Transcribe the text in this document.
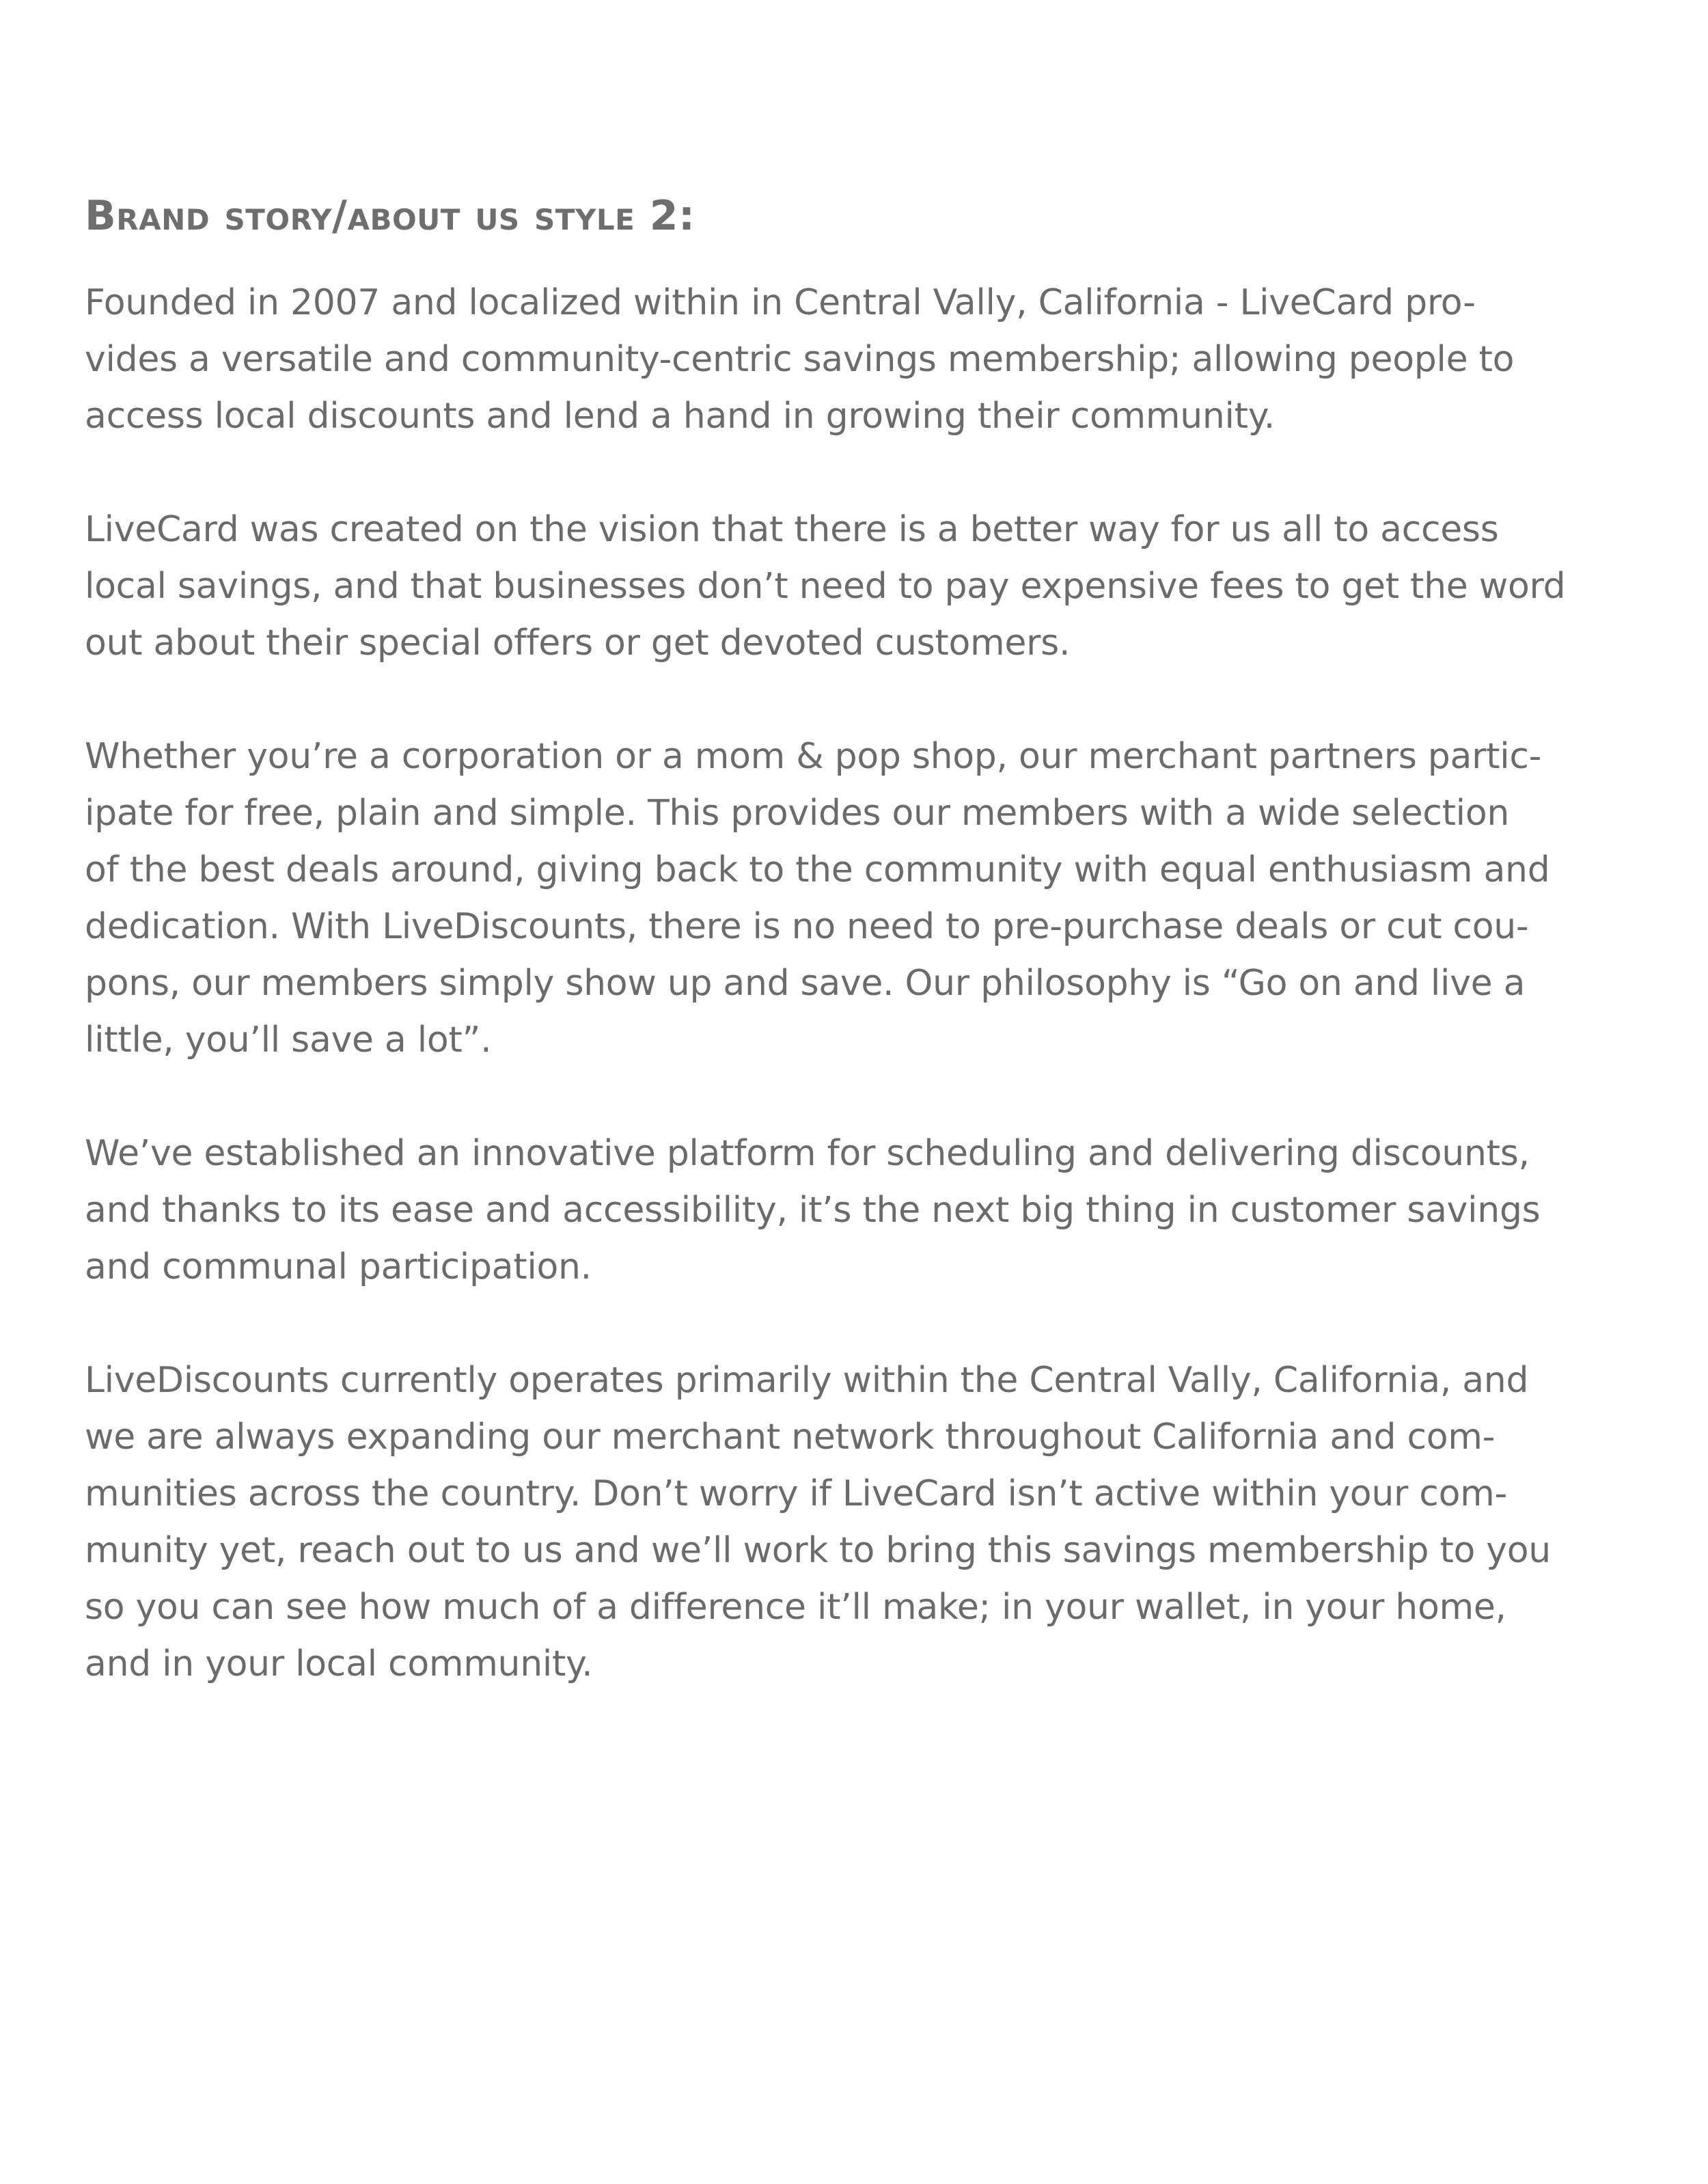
Brand story/about us style 2:
Founded in 2007 and localized within in Central Vally, California - LiveCard pro-
vides a versatile and community-centric savings membership; allowing people to
access local discounts and lend a hand in growing their community.
LiveCard was created on the vision that there is a better way for us all to access
local savings, and that businesses don’t need to pay expensive fees to get the word
out about their special offers or get devoted customers.
Whether you’re a corporation or a mom & pop shop, our merchant partners partic-
ipate for free, plain and simple. This provides our members with a wide selection
of the best deals around, giving back to the community with equal enthusiasm and
dedication. With LiveDiscounts, there is no need to pre-purchase deals or cut cou-
pons, our members simply show up and save. Our philosophy is “Go on and live a
little, you’ll save a lot”.
We’ve established an innovative platform for scheduling and delivering discounts,
and thanks to its ease and accessibility, it’s the next big thing in customer savings
and communal participation.
LiveDiscounts currently operates primarily within the Central Vally, California, and
we are always expanding our merchant network throughout California and com-
munities across the country. Don’t worry if LiveCard isn’t active within your com-
munity yet, reach out to us and we’ll work to bring this savings membership to you
so you can see how much of a difference it’ll make; in your wallet, in your home,
and in your local community.
